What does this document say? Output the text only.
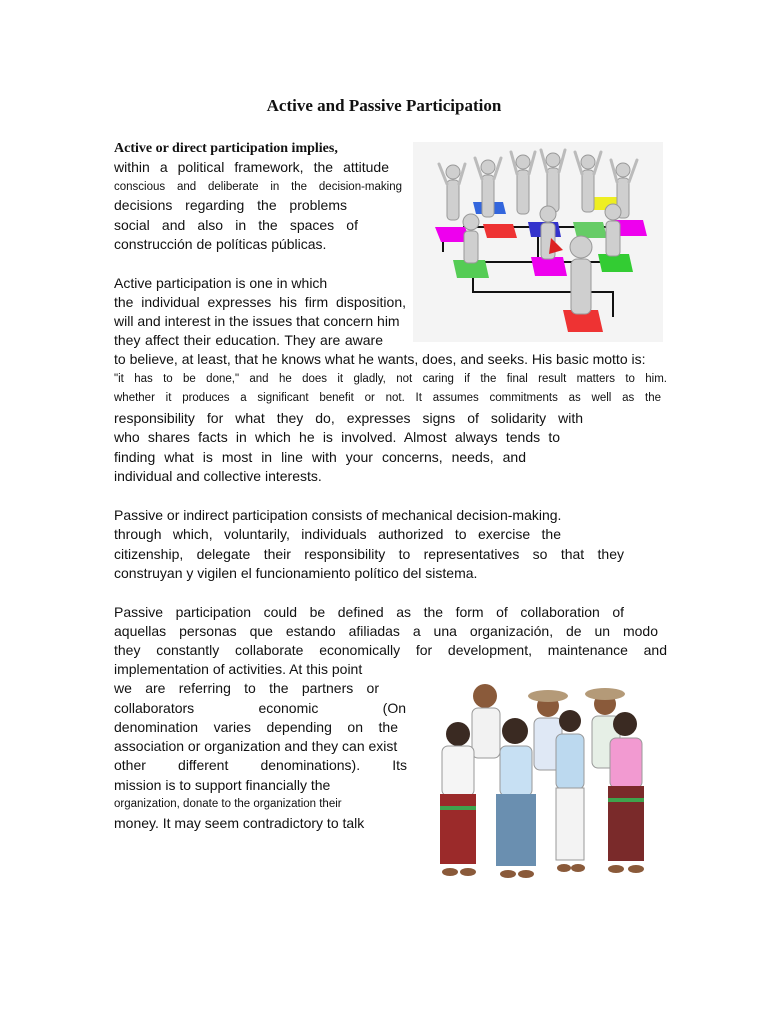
Active and Passive Participation
Active or direct participation implies,
within a political framework, the attitude
conscious and deliberate in the decision-making
decisions regarding the problems
social and also in the spaces of
construcción de políticas públicas.
Active participation is one in which
the individual expresses his firm disposition,
will and interest in the issues that concern him
they affect their education. They are aware
to believe, at least, that he knows what he wants, does, and seeks. His basic motto is:
"it has to be done," and he does it gladly, not caring if the final result matters to him.
whether it produces a significant benefit or not. It assumes commitments as well as the
responsibility for what they do, expresses signs of solidarity with
who shares facts in which he is involved. Almost always tends to
finding what is most in line with your concerns, needs, and
individual and collective interests.
Passive or indirect participation consists of mechanical decision-making.
through which, voluntarily, individuals authorized to exercise the
citizenship, delegate their responsibility to representatives so that they
construyan y vigilen el funcionamiento político del sistema.
Passive participation could be defined as the form of collaboration of
aquellas personas que estando afiliadas a una organización, de un modo
they constantly collaborate economically for development, maintenance and
implementation of activities. At this point
we are referring to the partners or
collaborators economic (On
denomination varies depending on the
association or organization and they can exist
other different denominations). Its
mission is to support financially the
organization, donate to the organization their
money. It may seem contradictory to talk
